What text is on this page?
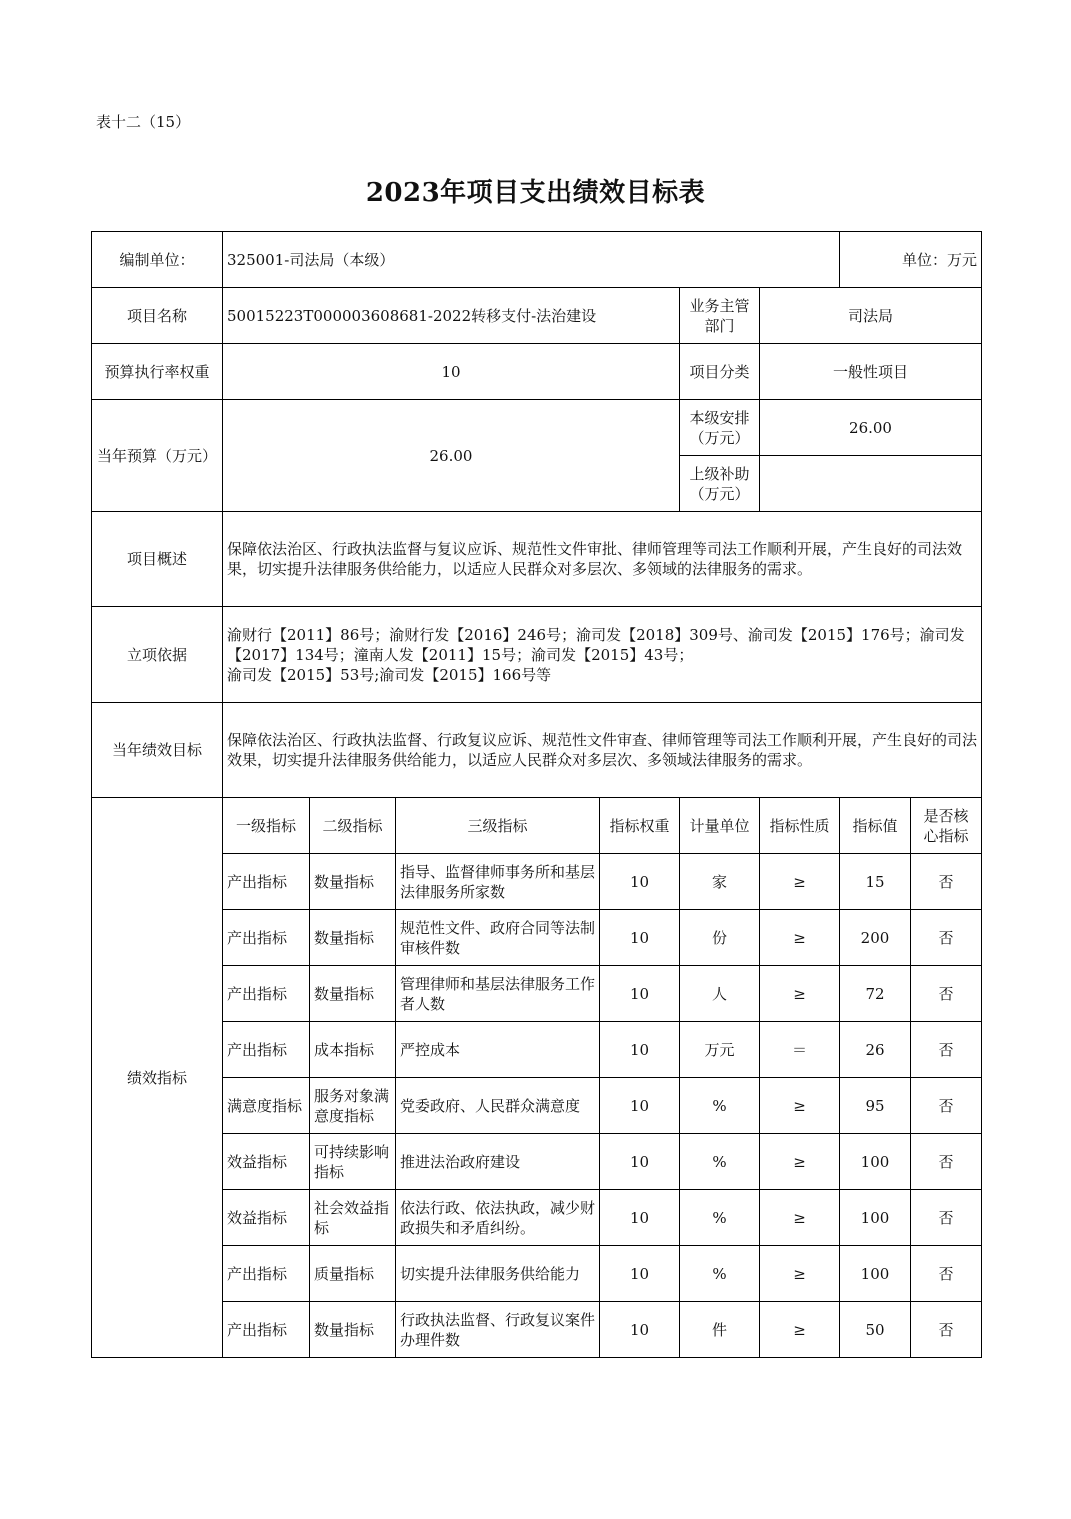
表十二（15）
2023年项目支出绩效目标表
编制单位：	325001-司法局（本级）						单位：万元	
项目名称	50015223T000003608681-2022转移支付-法治建设				业务主管
部门	司法局		
预算执行率权重	10				项目分类	一般性项目		
当年预算（万元）	26.00				本级安排
（万元）	26.00		
					上级补助
（万元）			
项目概述	保障依法治区、行政执法监督与复议应诉、规范性文件审批、律师管理等司法工作顺利开展，产生良好的司法效果，切实提升法律服务供给能力，以适应人民群众对多层次、多领域的法律服务的需求。							
立项依据	渝财行【2011】86号；渝财行发【2016】246号；渝司发【2018】309号、渝司发【2015】176号；渝司发【2017】134号；潼南人发【2011】15号；渝司发【2015】43号；
渝司发【2015】53号;渝司发【2015】166号等							
当年绩效目标	保障依法治区、行政执法监督、行政复议应诉、规范性文件审查、律师管理等司法工作顺利开展，产生良好的司法效果，切实提升法律服务供给能力，以适应人民群众对多层次、多领域法律服务的需求。							
绩效指标	一级指标	二级指标	三级指标	指标权重	计量单位	指标性质	指标值	是否核
心指标
	产出指标	数量指标	指导、监督律师事务所和基层法律服务所家数	10	家	≥	15	否
	产出指标	数量指标	规范性文件、政府合同等法制审核件数	10	份	≥	200	否
	产出指标	数量指标	管理律师和基层法律服务工作者人数	10	人	≥	72	否
	产出指标	成本指标	严控成本	10	万元	＝	26	否
	满意度指标	服务对象满意度指标	党委政府、人民群众满意度	10	%	≥	95	否
	效益指标	可持续影响指标	推进法治政府建设	10	%	≥	100	否
	效益指标	社会效益指标	依法行政、依法执政，减少财政损失和矛盾纠纷。	10	%	≥	100	否
	产出指标	质量指标	切实提升法律服务供给能力	10	%	≥	100	否
	产出指标	数量指标	行政执法监督、行政复议案件办理件数	10	件	≥	50	否
